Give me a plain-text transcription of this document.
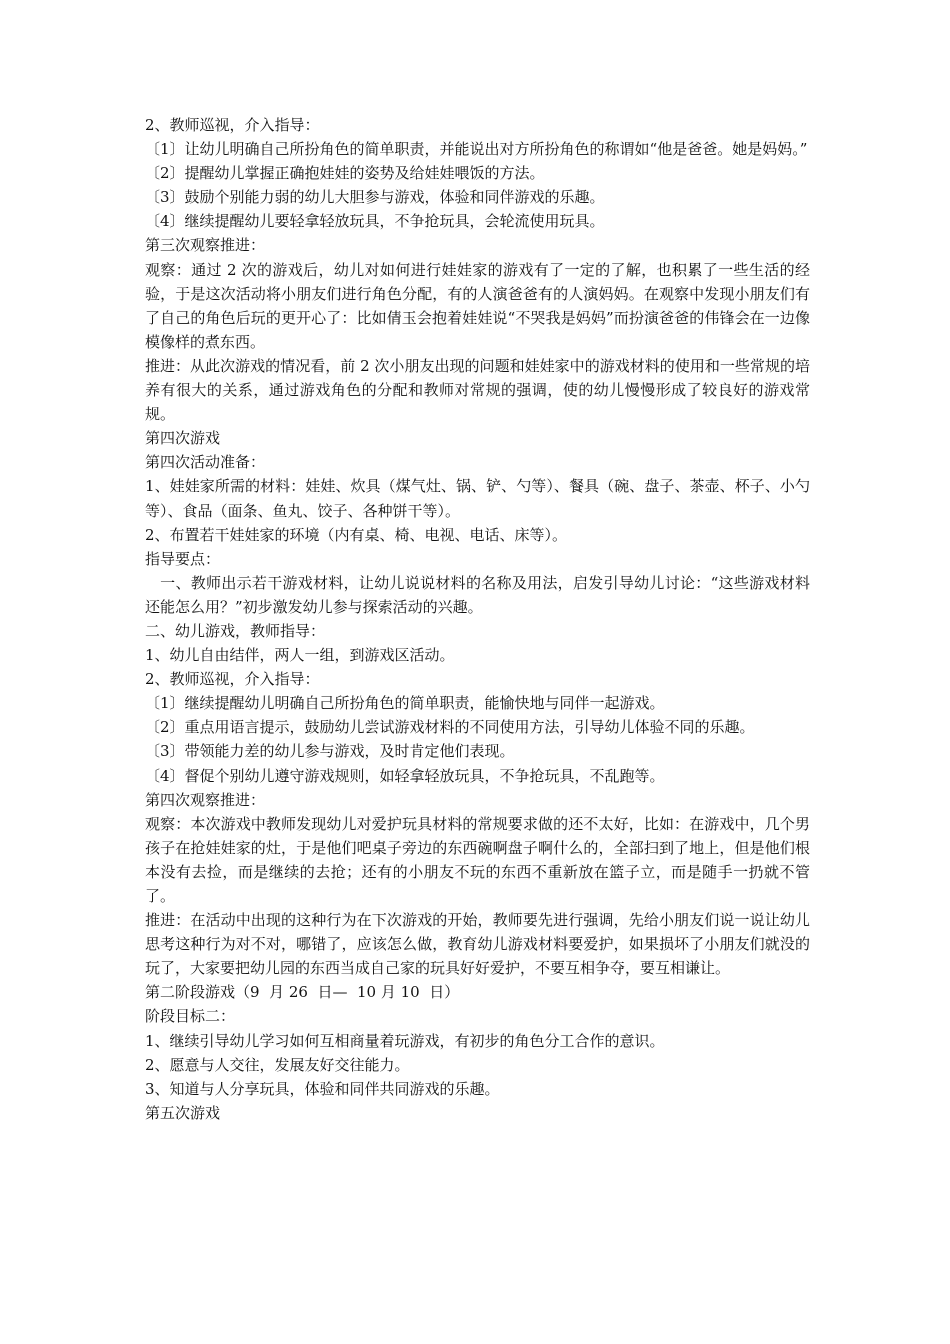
2、教师巡视，介入指导：

〔1〕让幼儿明确自己所扮角色的简单职责，并能说出对方所扮角色的称谓如“他是爸爸。她是妈妈。”

〔2〕提醒幼儿掌握正确抱娃娃的姿势及给娃娃喂饭的方法。

〔3〕鼓励个别能力弱的幼儿大胆参与游戏，体验和同伴游戏的乐趣。

〔4〕继续提醒幼儿要轻拿轻放玩具，不争抢玩具，会轮流使用玩具。

第三次观察推进：

观察：通过 2 次的游戏后，幼儿对如何进行娃娃家的游戏有了一定的了解，也积累了一些生活的经验，于是这次活动将小朋友们进行角色分配，有的人演爸爸有的人演妈妈。在观察中发现小朋友们有了自己的角色后玩的更开心了：比如倩玉会抱着娃娃说“不哭我是妈妈”而扮演爸爸的伟锋会在一边像模像样的煮东西。

推进：从此次游戏的情况看，前 2 次小朋友出现的问题和娃娃家中的游戏材料的使用和一些常规的培养有很大的关系，通过游戏角色的分配和教师对常规的强调，使的幼儿慢慢形成了较良好的游戏常规。

第四次游戏

第四次活动准备：

1、娃娃家所需的材料：娃娃、炊具（煤气灶、锅、铲、勺等）、餐具（碗、盘子、茶壶、杯子、小勺等）、食品（面条、鱼丸、饺子、各种饼干等）。

2、布置若干娃娃家的环境（内有桌、椅、电视、电话、床等）。

指导要点：

一、教师出示若干游戏材料，让幼儿说说材料的名称及用法，启发引导幼儿讨论：“这些游戏材料还能怎么用？”初步激发幼儿参与探索活动的兴趣。

二、幼儿游戏，教师指导：

1、幼儿自由结伴，两人一组，到游戏区活动。

2、教师巡视，介入指导：

〔1〕继续提醒幼儿明确自己所扮角色的简单职责，能愉快地与同伴一起游戏。

〔2〕重点用语言提示，鼓励幼儿尝试游戏材料的不同使用方法，引导幼儿体验不同的乐趣。

〔3〕带领能力差的幼儿参与游戏，及时肯定他们表现。

〔4〕督促个别幼儿遵守游戏规则，如轻拿轻放玩具，不争抢玩具，不乱跑等。

第四次观察推进：

观察：本次游戏中教师发现幼儿对爱护玩具材料的常规要求做的还不太好，比如：在游戏中，几个男孩子在抢娃娃家的灶，于是他们吧桌子旁边的东西碗啊盘子啊什么的，全部扫到了地上，但是他们根本没有去捡，而是继续的去抢；还有的小朋友不玩的东西不重新放在篮子立，而是随手一扔就不管了。

推进：在活动中出现的这种行为在下次游戏的开始，教师要先进行强调，先给小朋友们说一说让幼儿思考这种行为对不对，哪错了，应该怎么做，教育幼儿游戏材料要爱护，如果损坏了小朋友们就没的玩了，大家要把幼儿园的东西当成自己家的玩具好好爱护，不要互相争夺，要互相谦让。

第二阶段游戏（9  月 26  日—  10 月 10  日）

阶段目标二：

1、继续引导幼儿学习如何互相商量着玩游戏，有初步的角色分工合作的意识。

2、愿意与人交往，发展友好交往能力。

3、知道与人分享玩具，体验和同伴共同游戏的乐趣。

第五次游戏
